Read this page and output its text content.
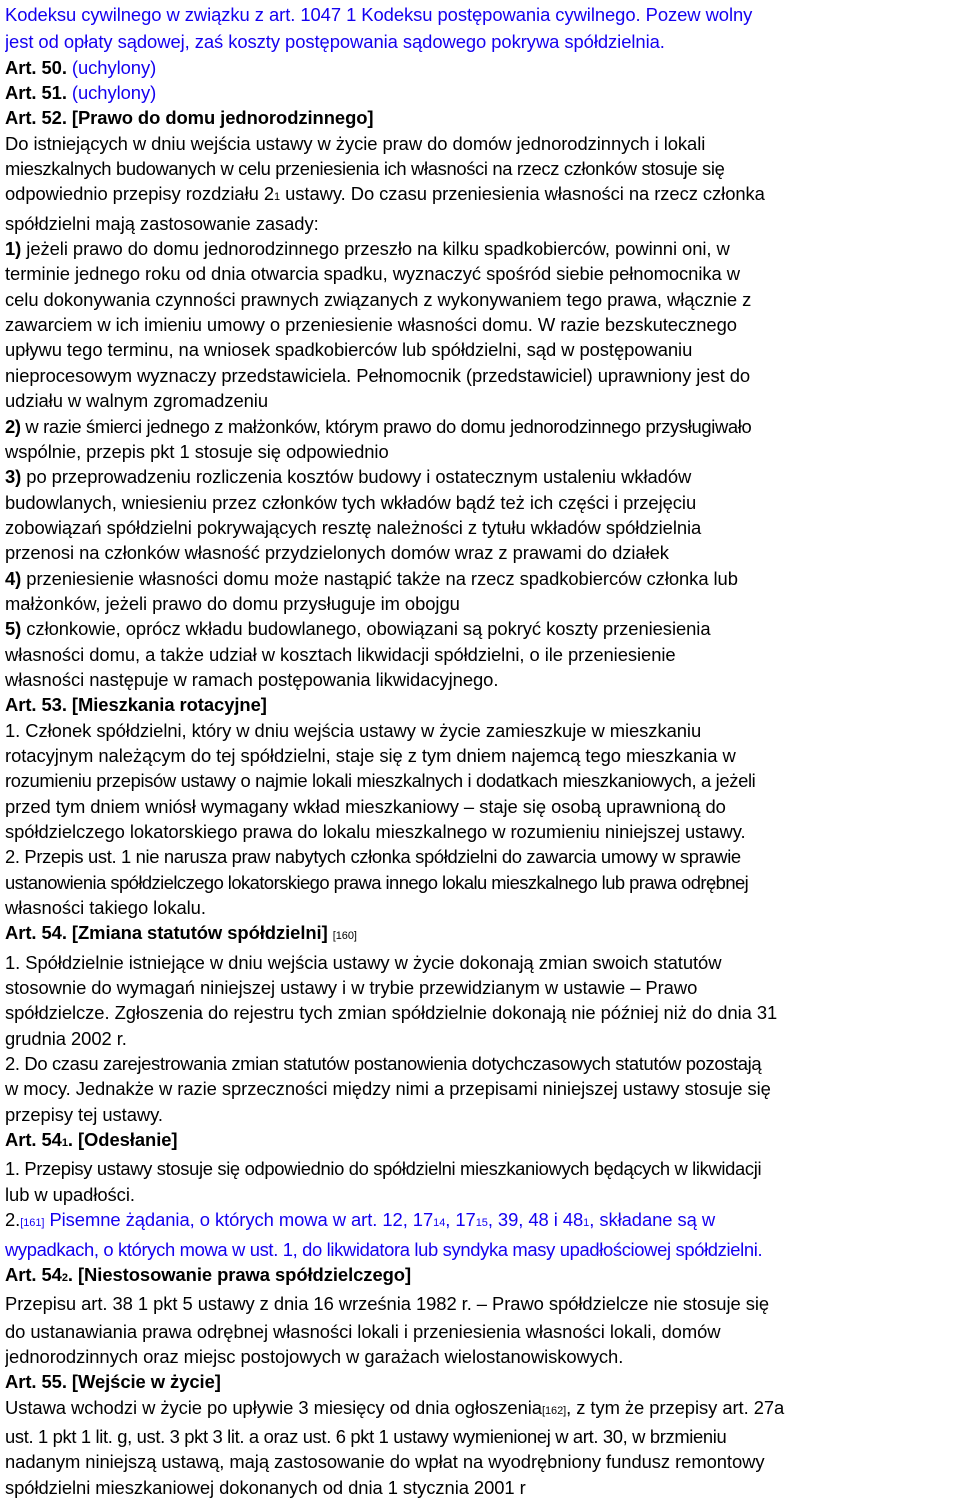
Kodeksu cywilnego w związku z art. 1047 1 Kodeksu postępowania cywilnego. Pozew wolny
jest od opłaty sądowej, zaś koszty postępowania sądowego pokrywa spółdzielnia.
Art. 50. (uchylony)
Art. 51. (uchylony)
Art. 52. [Prawo do domu jednorodzinnego]
Do istniejących w dniu wejścia ustawy w życie praw do domów jednorodzinnych i lokali
mieszkalnych budowanych w celu przeniesienia ich własności na rzecz członków stosuje się
odpowiednio przepisy rozdziału 21 ustawy. Do czasu przeniesienia własności na rzecz członka
spółdzielni mają zastosowanie zasady:
1) jeżeli prawo do domu jednorodzinnego przeszło na kilku spadkobierców, powinni oni, w
terminie jednego roku od dnia otwarcia spadku, wyznaczyć spośród siebie pełnomocnika w
celu dokonywania czynności prawnych związanych z wykonywaniem tego prawa, włącznie z
zawarciem w ich imieniu umowy o przeniesienie własności domu. W razie bezskutecznego
upływu tego terminu, na wniosek spadkobierców lub spółdzielni, sąd w postępowaniu
nieprocesowym wyznaczy przedstawiciela. Pełnomocnik (przedstawiciel) uprawniony jest do
udziału w walnym zgromadzeniu
2) w razie śmierci jednego z małżonków, którym prawo do domu jednorodzinnego przysługiwało
wspólnie, przepis pkt 1 stosuje się odpowiednio
3) po przeprowadzeniu rozliczenia kosztów budowy i ostatecznym ustaleniu wkładów
budowlanych, wniesieniu przez członków tych wkładów bądź też ich części i przejęciu
zobowiązań spółdzielni pokrywających resztę należności z tytułu wkładów spółdzielnia
przenosi na członków własność przydzielonych domów wraz z prawami do działek
4) przeniesienie własności domu może nastąpić także na rzecz spadkobierców członka lub
małżonków, jeżeli prawo do domu przysługuje im obojgu
5) członkowie, oprócz wkładu budowlanego, obowiązani są pokryć koszty przeniesienia
własności domu, a także udział w kosztach likwidacji spółdzielni, o ile przeniesienie
własności następuje w ramach postępowania likwidacyjnego.
Art. 53. [Mieszkania rotacyjne]
1. Członek spółdzielni, który w dniu wejścia ustawy w życie zamieszkuje w mieszkaniu
rotacyjnym należącym do tej spółdzielni, staje się z tym dniem najemcą tego mieszkania w
rozumieniu przepisów ustawy o najmie lokali mieszkalnych i dodatkach mieszkaniowych, a jeżeli
przed tym dniem wniósł wymagany wkład mieszkaniowy – staje się osobą uprawnioną do
spółdzielczego lokatorskiego prawa do lokalu mieszkalnego w rozumieniu niniejszej ustawy.
2. Przepis ust. 1 nie narusza praw nabytych członka spółdzielni do zawarcia umowy w sprawie
ustanowienia spółdzielczego lokatorskiego prawa innego lokalu mieszkalnego lub prawa odrębnej
własności takiego lokalu.
Art. 54. [Zmiana statutów spółdzielni] [160]
1. Spółdzielnie istniejące w dniu wejścia ustawy w życie dokonają zmian swoich statutów
stosownie do wymagań niniejszej ustawy i w trybie przewidzianym w ustawie – Prawo
spółdzielcze. Zgłoszenia do rejestru tych zmian spółdzielnie dokonają nie później niż do dnia 31
grudnia 2002 r.
2. Do czasu zarejestrowania zmian statutów postanowienia dotychczasowych statutów pozostają
w mocy. Jednakże w razie sprzeczności między nimi a przepisami niniejszej ustawy stosuje się
przepisy tej ustawy.
Art. 541. [Odesłanie]
1. Przepisy ustawy stosuje się odpowiednio do spółdzielni mieszkaniowych będących w likwidacji
lub w upadłości.
2.[161] Pisemne żądania, o których mowa w art. 12, 1714, 1715, 39, 48 i 481, składane są w
wypadkach, o których mowa w ust. 1, do likwidatora lub syndyka masy upadłościowej spółdzielni.
Art. 542. [Niestosowanie prawa spółdzielczego]
Przepisu art. 38 1 pkt 5 ustawy z dnia 16 września 1982 r. – Prawo spółdzielcze nie stosuje się
do ustanawiania prawa odrębnej własności lokali i przeniesienia własności lokali, domów
jednorodzinnych oraz miejsc postojowych w garażach wielostanowiskowych.
Art. 55. [Wejście w życie]
Ustawa wchodzi w życie po upływie 3 miesięcy od dnia ogłoszenia[162], z tym że przepisy art. 27a
ust. 1 pkt 1 lit. g, ust. 3 pkt 3 lit. a oraz ust. 6 pkt 1 ustawy wymienionej w art. 30, w brzmieniu
nadanym niniejszą ustawą, mają zastosowanie do wpłat na wyodrębniony fundusz remontowy
spółdzielni mieszkaniowej dokonanych od dnia 1 stycznia 2001 r
